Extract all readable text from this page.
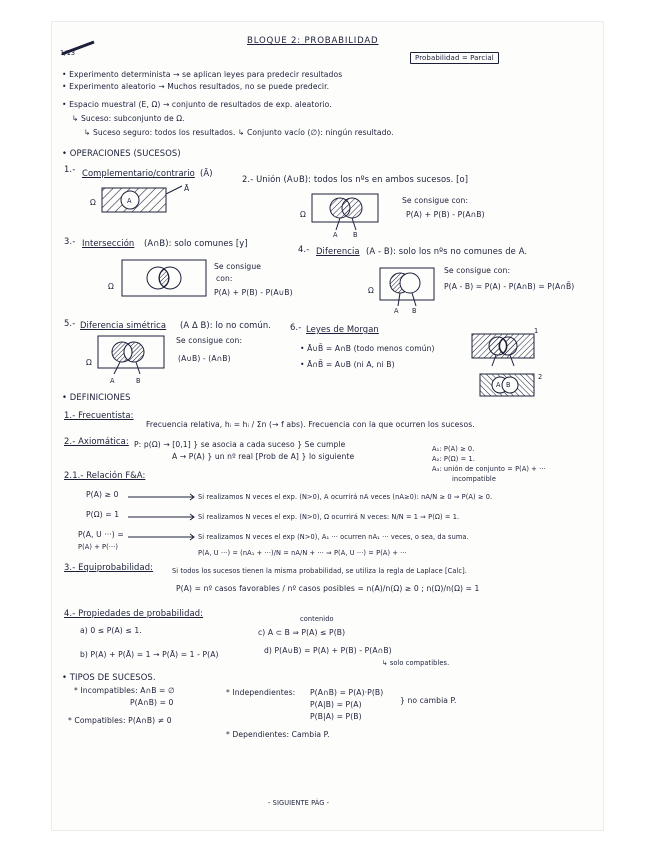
1/13
BLOQUE 2: PROBABILIDAD
Probabilidad = Parcial
• Experimento determinista → se aplican leyes para predecir resultados
• Experimento aleatorio → Muchos resultados, no se puede predecir.
• Espacio muestral (E, Ω) → conjunto de resultados de exp. aleatorio.
↳ Suceso: subconjunto de Ω.
↳ Suceso seguro: todos los resultados. ↳ Conjunto vacío (∅): ningún resultado.
• OPERACIONES (SUCESOS)
1.- Complementario/contrario (Ā)
2.- Unión (A∪B): todos los nºs en ambos sucesos. [o]
Ω	A
Ā
Ω
A B
Se consigue con:
P(A) + P(B) - P(A∩B)
3.- Intersección (A∩B): solo comunes [y]
4.- Diferencia (A - B): solo los nºs no comunes de A.
Ω
Se consigue
con:
P(A) + P(B) - P(A∪B)	Ω
A B
Se consigue con:
P(A - B) = P(A) - P(A∩B) = P(A∩B̄)
5.- Diferencia simétrica (A Δ B): lo no común. 6.- Leyes de Morgan
Ω
A	B
Se consigue con:
(A∪B) - (A∩B)
• Ā∪B̄ = A∩B (todo menos común)
• Ā∩B̄ = A∪B (ni A, ni B)
1
A B
2
• DEFINICIONES
1.- Frecuentista:
Frecuencia relativa, hᵢ = hᵢ / Σn (→ f abs). Frecuencia con la que ocurren los sucesos.
2.- Axiomática: P: p(Ω) → [0,1] } se asocia a cada suceso } Se cumple
A → P(A) } un nº real [Prob de A] } lo siguiente
A₁: P(A) ≥ 0.
A₂: P(Ω) = 1.
A₃: unión de conjunto = P(A) + ···
incompatible
2.1.- Relación F&A:
P(A) ≥ 0	Si realizamos N veces el exp. (N>0), A ocurrirá nA veces (nA≥0): nA/N ≥ 0 ⇒ P(A) ≥ 0.
P(Ω) = 1	Si realizamos N veces el exp. (N>0), Ω ocurrirá N veces: N/N = 1 ⇒ P(Ω) = 1.
P(A, U ···) =
P(A) + P(···)
Si realizamos N veces el exp (N>0), A₁ ··· ocurren nA₁ ··· veces, o sea, da suma.
P(A, U ···) = (nA₁ + ···)/N = nA/N + ··· ⇒ P(A, U ···) = P(A) + ···
3.- Equiprobabilidad:	Si todos los sucesos tienen la misma probabilidad, se utiliza la regla de Laplace [Calc].
P(A) = nº casos favorables / nº casos posibles = n(A)/n(Ω) ≥ 0 ; n(Ω)/n(Ω) = 1
4.- Propiedades de probabilidad:
a) 0 ≤ P(A) ≤ 1.
contenido
c) A ⊂ B ⇒ P(A) ≤ P(B)
b) P(A) + P(Ā) = 1 → P(Ā) = 1 - P(A)	d) P(A∪B) = P(A) + P(B) - P(A∩B)
↳ solo compatibles.
• TIPOS DE SUCESOS.
* Incompatibles: A∩B = ∅
P(A∩B) = 0
* Compatibles: P(A∩B) ≠ 0
* Independientes: P(A∩B) = P(A)·P(B)
P(A|B) = P(A)
P(B|A) = P(B)
} no cambia P.
* Dependientes: Cambia P.
- SIGUIENTE PÁG -
